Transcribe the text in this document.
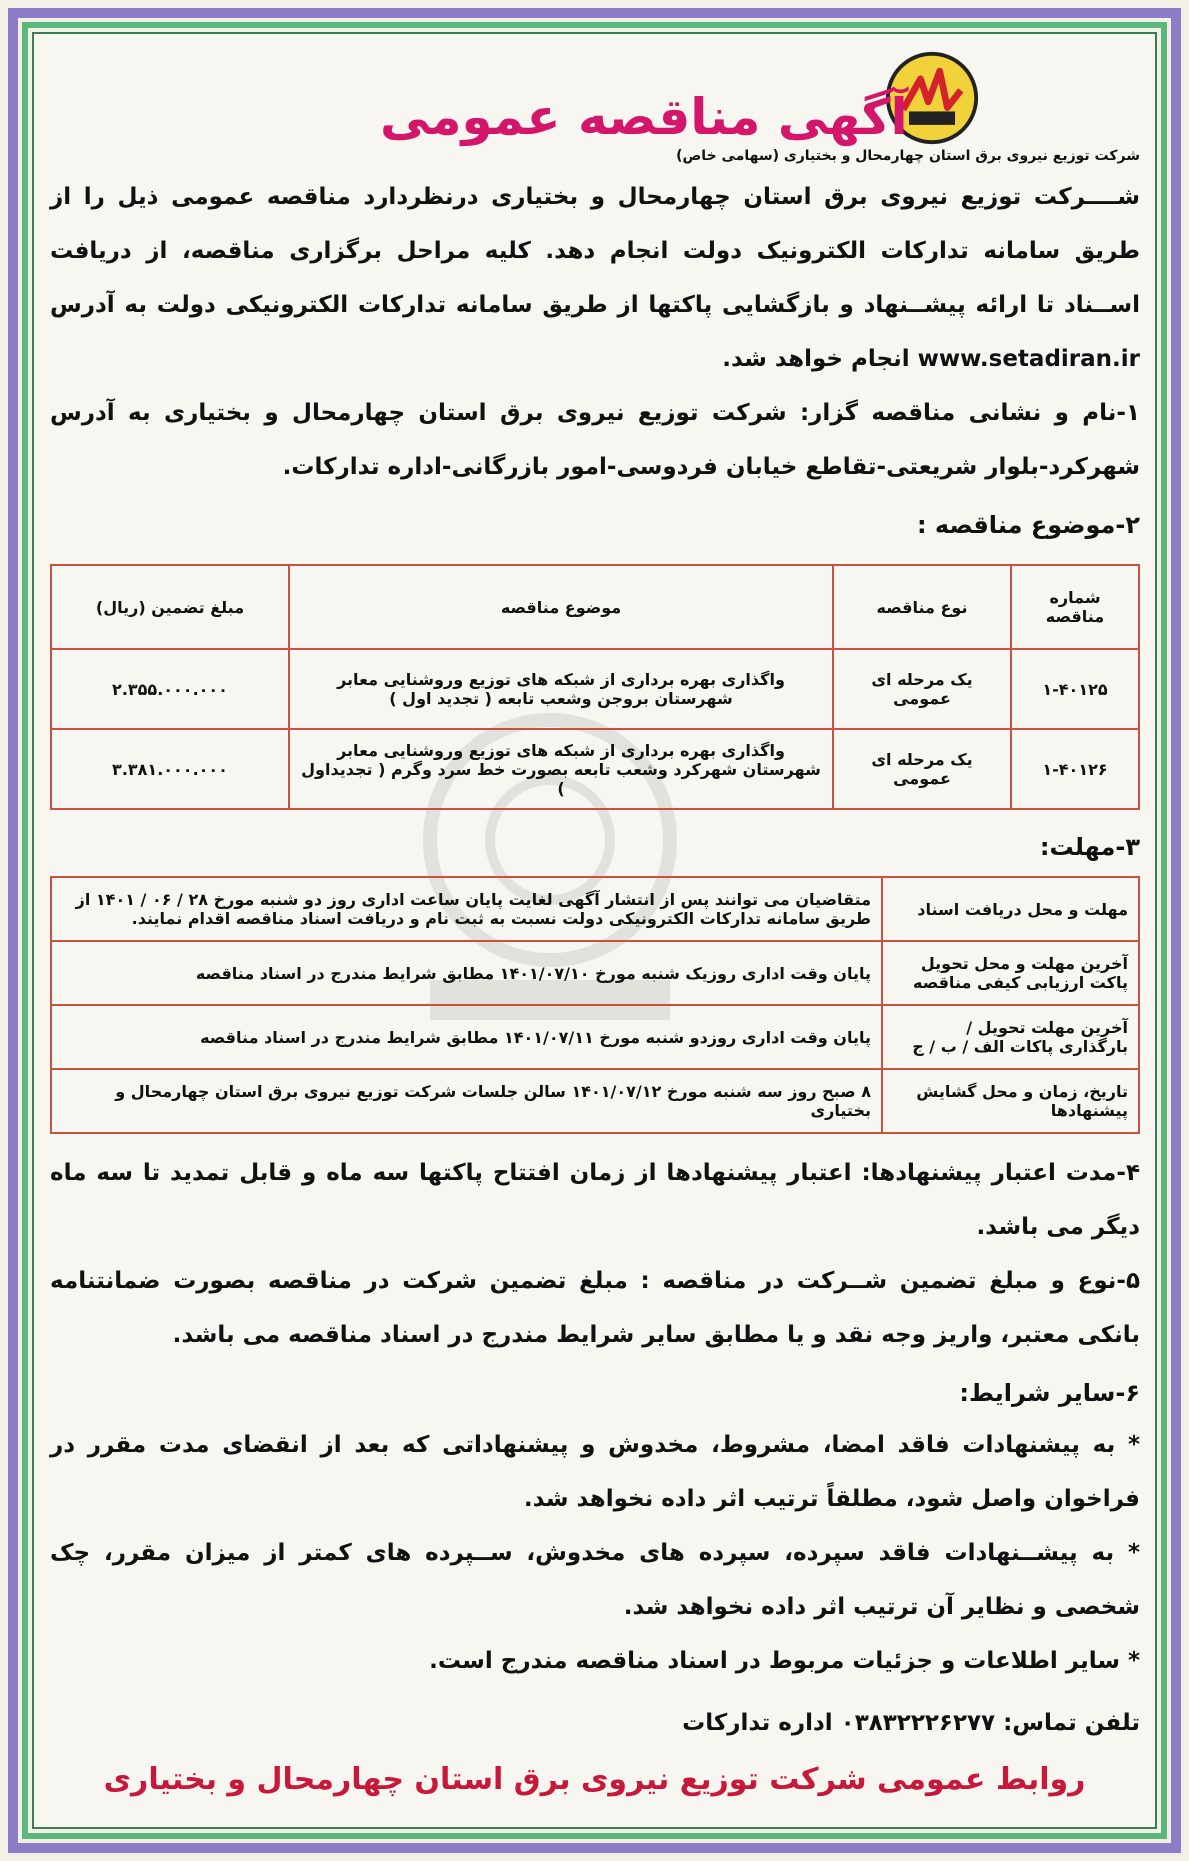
شرکت توزیع نیروی برق استان چهارمحال و بختیاری (سهامی خاص)
آگهی مناقصه عمومی

شــــرکت توزیع نیروی برق استان چهارمحال و بختیاری درنظردارد مناقصه عمومی ذیل را از طریق سامانه تدارکات الکترونیک دولت انجام دهد. کلیه مراحل برگزاری مناقصه، از دریافت اســناد تا ارائه پیشــنهاد و بازگشایی پاکتها از طریق سامانه تدارکات الکترونیکی دولت به آدرس www.setadiran.ir انجام خواهد شد.

۱-نام و نشانی مناقصه گزار: شرکت توزیع نیروی برق استان چهارمحال و بختیاری به آدرس شهرکرد-بلوار شریعتی-تقاطع خیابان فردوسی-امور بازرگانی-اداره تدارکات.

۲-موضوع مناقصه :
شماره مناقصه	نوع مناقصه	موضوع مناقصه	مبلغ تضمین (ریال)
۱-۴۰۱۲۵	یک مرحله ای عمومی	واگذاری بهره برداری از شبکه های توزیع وروشنایی معابر شهرستان بروجن وشعب تابعه ( تجدید اول )	۲.۳۵۵.۰۰۰.۰۰۰
۱-۴۰۱۲۶	یک مرحله ای عمومی	واگذاری بهره برداری از شبکه های توزیع وروشنایی معابر شهرستان شهرکرد وشعب تابعه بصورت خط سرد وگرم ( تجدیداول )	۳.۳۸۱.۰۰۰.۰۰۰
۳-مهلت:
مهلت و محل دریافت اسناد	متقاضیان می توانند پس از انتشار آگهی لغایت پایان ساعت اداری روز دو شنبه مورخ ۲۸ / ۰۶ / ۱۴۰۱ از طریق سامانه تدارکات الکترونیکی دولت نسبت به ثبت نام و دریافت اسناد مناقصه اقدام نمایند.
آخرین مهلت و محل تحویل پاکت ارزیابی کیفی مناقصه	پایان وقت اداری روزیک شنبه مورخ ۱۴۰۱/۰۷/۱۰ مطابق شرایط مندرج در اسناد مناقصه
آخرین مهلت تحویل / بارگذاری پاکات الف / ب / ج	پایان وقت اداری روزدو شنبه مورخ ۱۴۰۱/۰۷/۱۱ مطابق شرایط مندرج در اسناد مناقصه
تاریخ، زمان و محل گشایش پیشنهادها	۸ صبح روز سه شنبه مورخ ۱۴۰۱/۰۷/۱۲ سالن جلسات شرکت توزیع نیروی برق استان چهارمحال و بختیاری

۴-مدت اعتبار پیشنهادها: اعتبار پیشنهادها از زمان افتتاح پاکتها سه ماه و قابل تمدید تا سه ماه دیگر می باشد.

۵-نوع و مبلغ تضمین شــرکت در مناقصه : مبلغ تضمین شرکت در مناقصه بصورت ضمانتنامه بانکی معتبر، واریز وجه نقد و یا مطابق سایر شرایط مندرج در اسناد مناقصه می باشد.

۶-سایر شرایط:

* به پیشنهادات فاقد امضا، مشروط، مخدوش و پیشنهاداتی که بعد از انقضای مدت مقرر در فراخوان واصل شود، مطلقاً ترتیب اثر داده نخواهد شد.

* به پیشــنهادات فاقد سپرده، سپرده های مخدوش، ســپرده های کمتر از میزان مقرر، چک شخصی و نظایر آن ترتیب اثر داده نخواهد شد.

* سایر اطلاعات و جزئیات مربوط در اسناد مناقصه مندرج است.

تلفن تماس: ۰۳۸۳۲۲۲۶۲۷۷ اداره تدارکات
روابط عمومی شرکت توزیع نیروی برق استان چهارمحال و بختیاری
